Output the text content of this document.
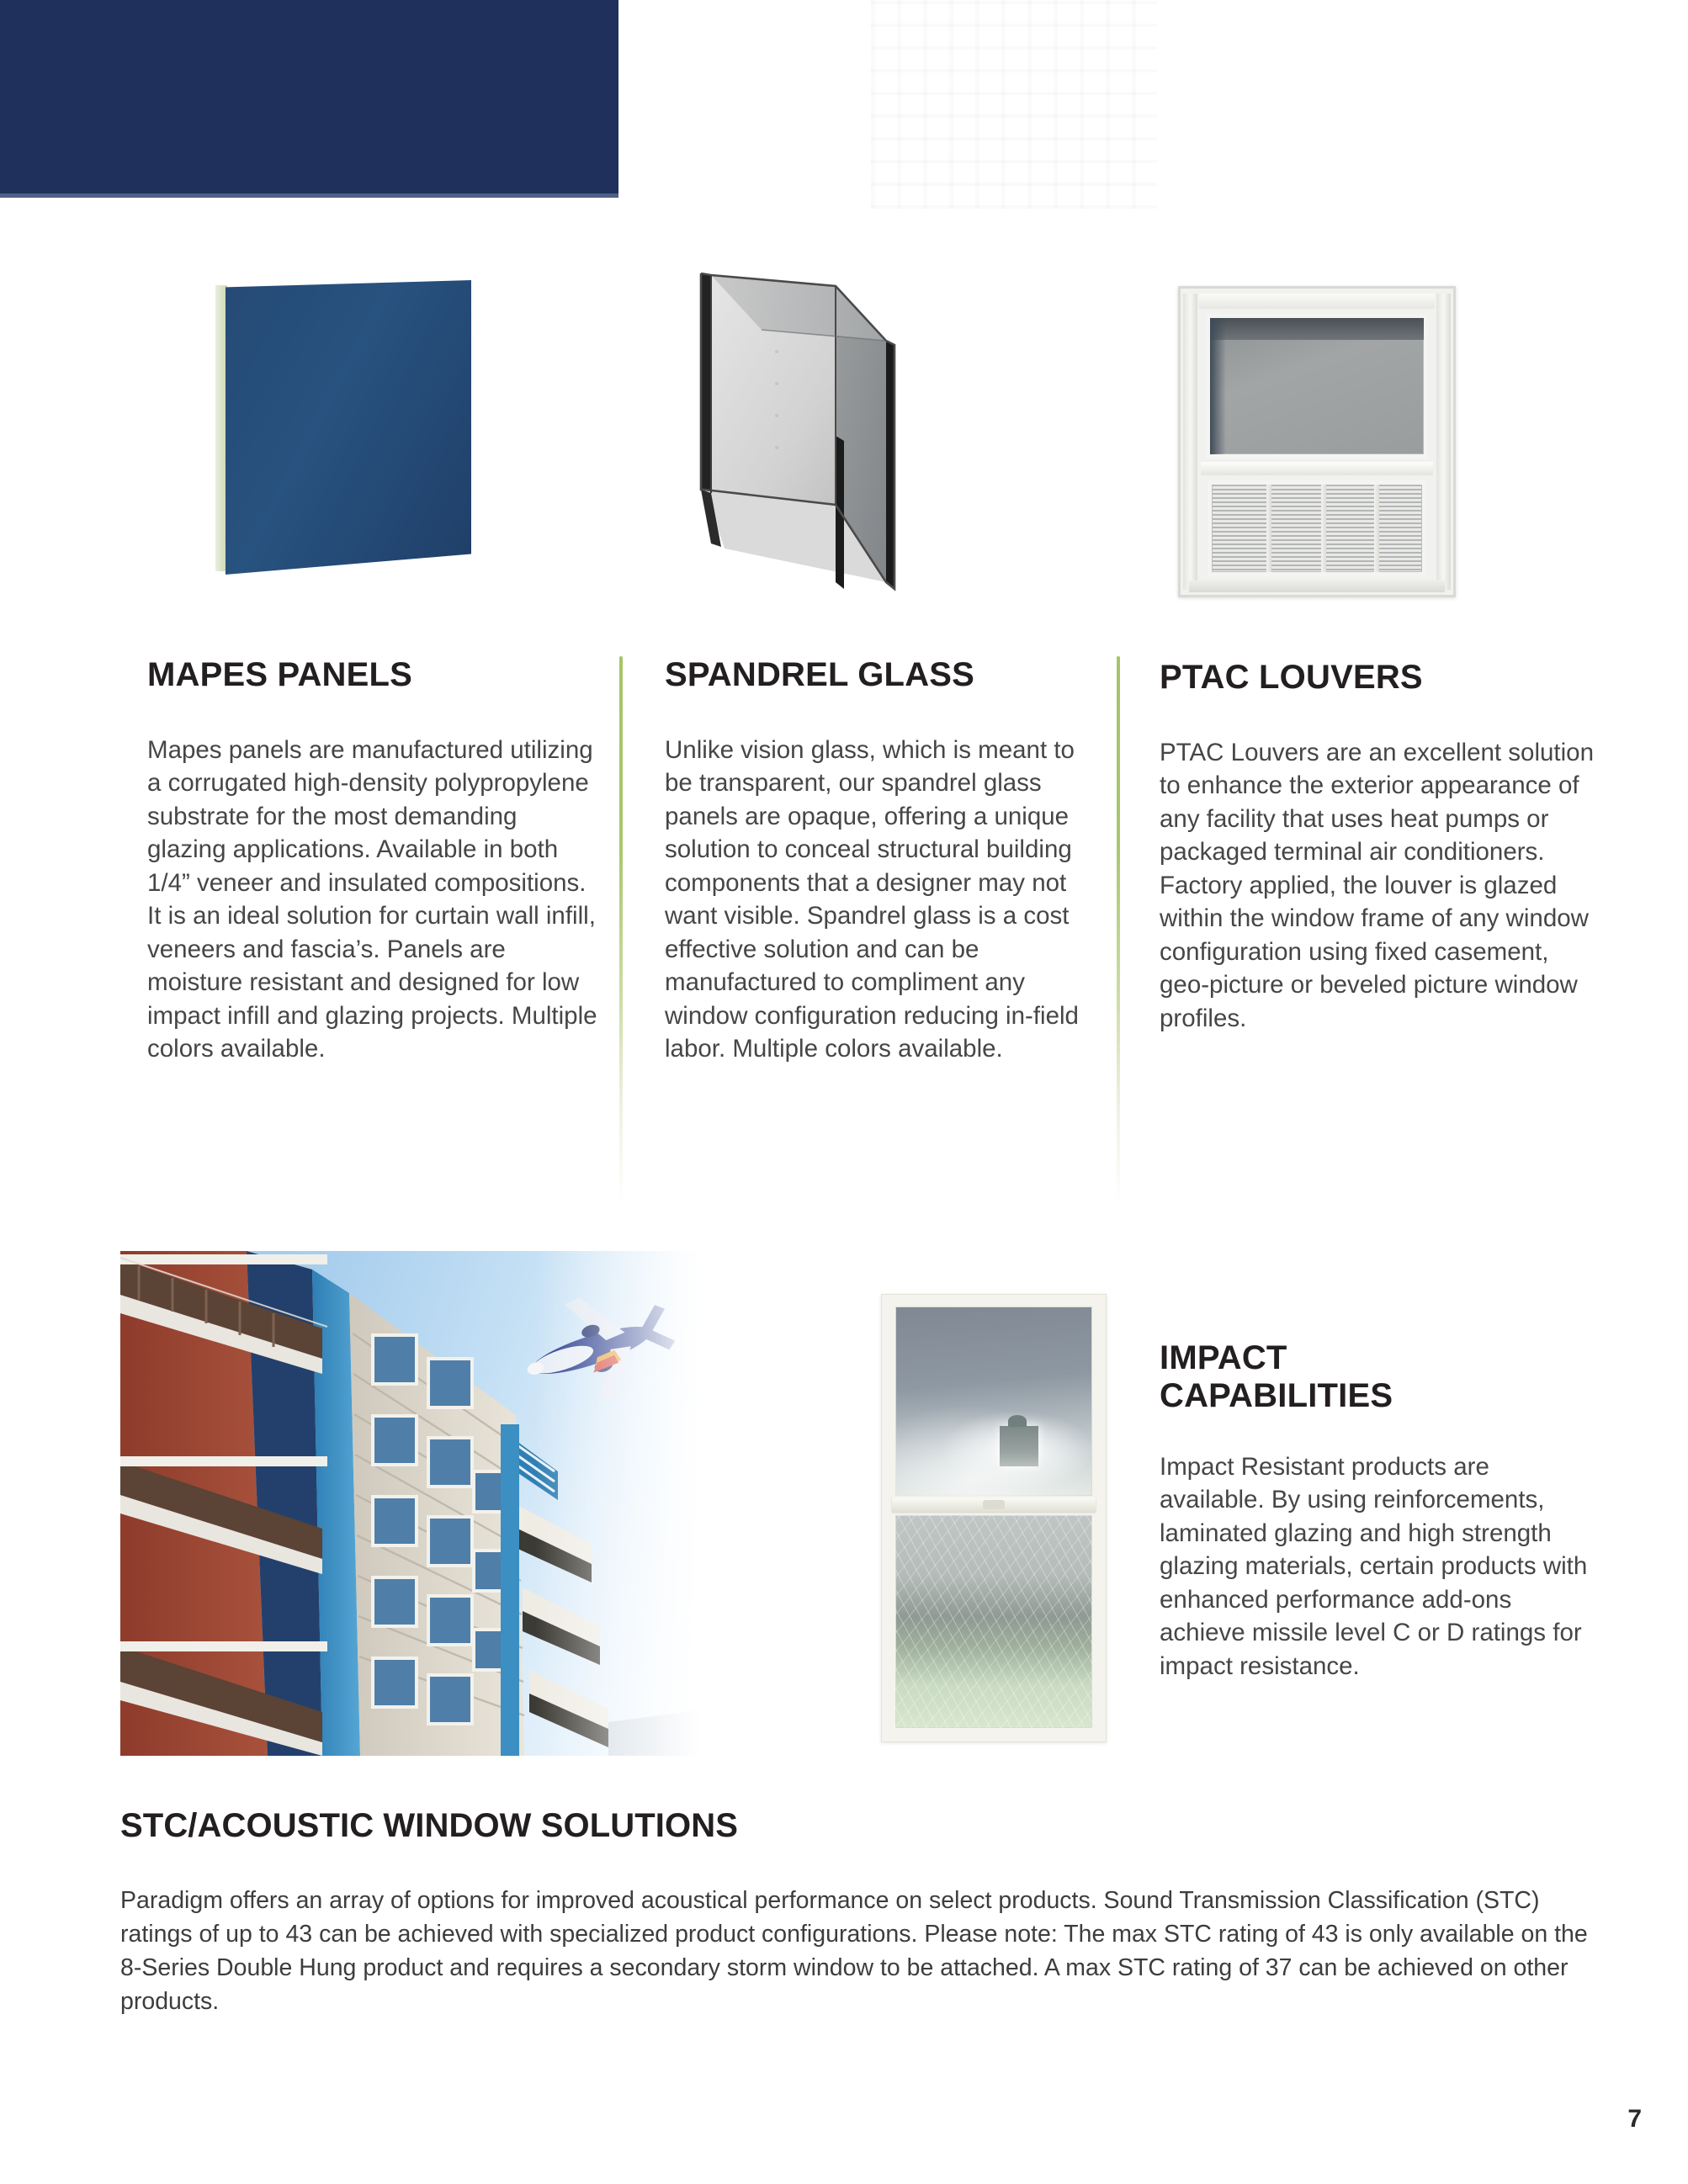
MAPES PANELS

Mapes panels are manufactured utilizing a corrugated high-density polypropylene substrate for the most demanding glazing applications. Available in both 1/4” veneer and insulated compositions. It is an ideal solution for curtain wall infill, veneers and fascia’s. Panels are moisture resistant and designed for low impact infill and glazing projects. Multiple colors available.

SPANDREL GLASS

Unlike vision glass, which is meant to be transparent, our spandrel glass panels are opaque, offering a unique solution to conceal structural building components that a designer may not want visible. Spandrel glass is a cost effective solution and can be manufactured to compliment any window configuration reducing in-field labor. Multiple colors available.

PTAC LOUVERS

PTAC Louvers are an excellent solution to enhance the exterior appearance of any facility that uses heat pumps or packaged terminal air conditioners. Factory applied, the louver is glazed within the window frame of any window configuration using fixed casement, geo-picture or beveled picture window profiles.

IMPACT
CAPABILITIES

Impact Resistant products are available. By using reinforcements, laminated glazing and high strength glazing materials, certain products with enhanced performance add-ons achieve missile level C or D ratings for impact resistance.

STC/ACOUSTIC WINDOW SOLUTIONS

Paradigm offers an array of options for improved acoustical performance on select products. Sound Transmission Classification (STC) ratings of up to 43 can be achieved with specialized product configurations. Please note: The max STC rating of 43 is only available on the 8-Series Double Hung product and requires a secondary storm window to be attached. A max STC rating of 37 can be achieved on other products.

7
